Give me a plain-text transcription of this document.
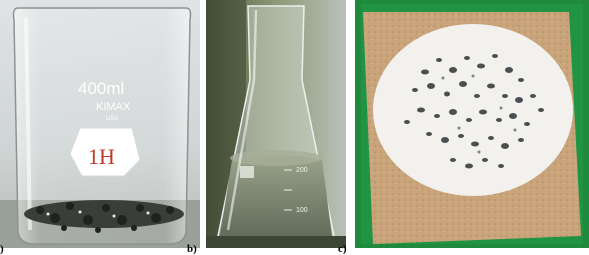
400ml
KIMAX
USA
1H
200
100
)	b)	c)
